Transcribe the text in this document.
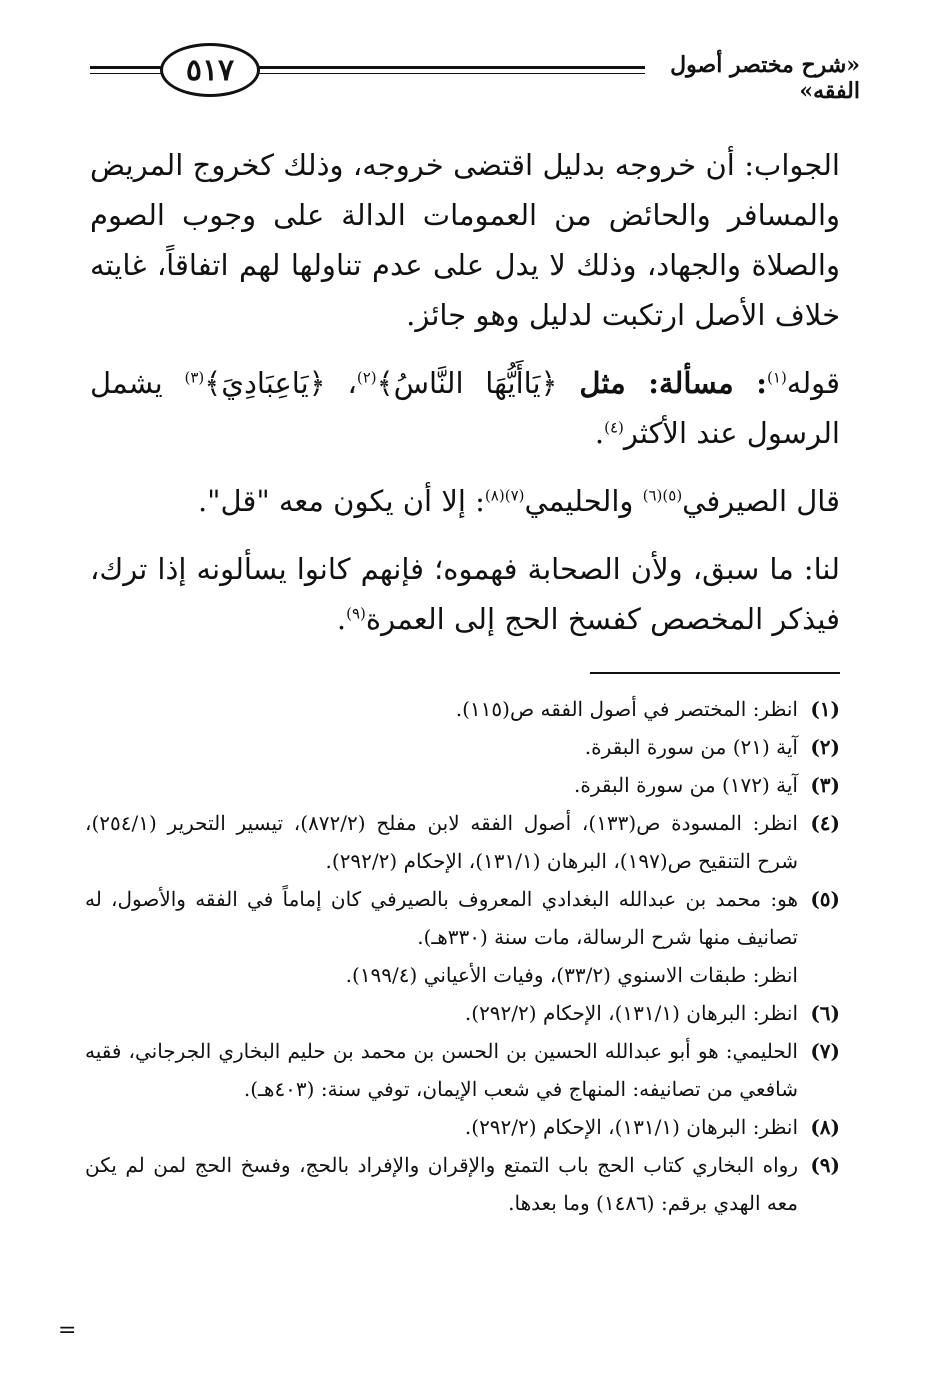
٥١٧	«شرح مختصر أصول الفقه»

الجواب: أن خروجه بدليل اقتضى خروجه، وذلك كخروج المريض والمسافر والحائض من العمومات الدالة على وجوب الصوم والصلاة والجهاد، وذلك لا يدل على عدم تناولها لهم اتفاقاً، غايته خلاف الأصل ارتكبت لدليل وهو جائز.

قوله$^{(١)}$: مسألة: مثل ﴿يَاأَيُّهَا النَّاسُ﴾$^{(٢)}$، ﴿يَاعِبَادِيَ﴾$^{(٣)}$ يشمل الرسول عند الأكثر$^{(٤)}$.

قال الصيرفي$^{(٥)(٦)}$ والحليمي$^{(٧)(٨)}$: إلا أن يكون معه "قل".

لنا: ما سبق، ولأن الصحابة فهموه؛ فإنهم كانوا يسألونه إذا ترك، فيذكر المخصص كفسخ الحج إلى العمرة$^{(٩)}$.

(١)
انظر: المختصر في أصول الفقه ص(١١٥).
(٢)
آية (٢١) من سورة البقرة.
(٣)
آية (١٧٢) من سورة البقرة.
(٤)
انظر: المسودة ص(١٣٣)، أصول الفقه لابن مفلح (٨٧٢/٢)، تيسير التحرير (٢٥٤/١)، شرح التنقيح ص(١٩٧)، البرهان (١٣١/١)، الإحكام (٢٩٢/٢).
(٥)
هو: محمد بن عبدالله البغدادي المعروف بالصيرفي كان إماماً في الفقه والأصول، له تصانيف منها شرح الرسالة، مات سنة (٣٣٠هـ).
انظر: طبقات الاسنوي (٣٣/٢)، وفيات الأعياني (١٩٩/٤).
(٦)
انظر: البرهان (١٣١/١)، الإحكام (٢٩٢/٢).
(٧)
الحليمي: هو أبو عبدالله الحسين بن الحسن بن محمد بن حليم البخاري الجرجاني، فقيه شافعي من تصانيفه: المنهاج في شعب الإيمان، توفي سنة: (٤٠٣هـ).
(٨)
انظر: البرهان (١٣١/١)، الإحكام (٢٩٢/٢).
(٩)
رواه البخاري كتاب الحج باب التمتع والإقران والإفراد بالحج، وفسخ الحج لمن لم يكن معه الهدي برقم: (١٤٨٦) وما بعدها.
=
